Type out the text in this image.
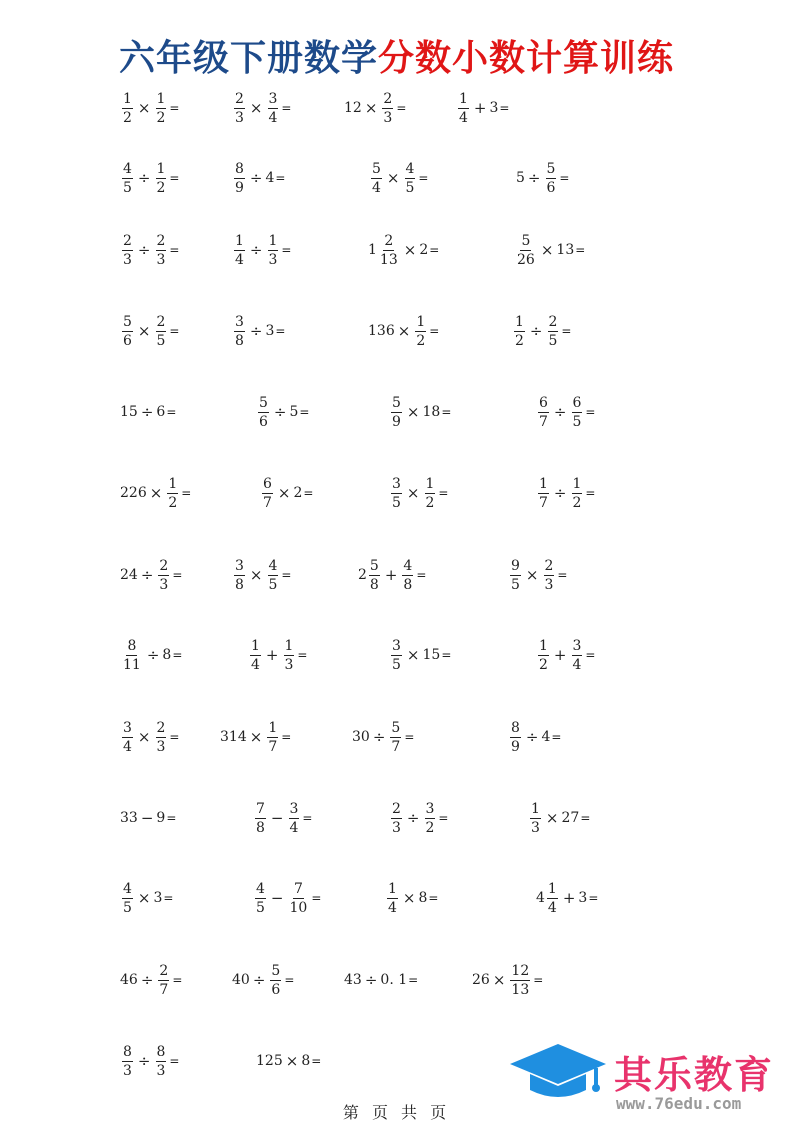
六年级下册数学分数小数计算训练
$\frac{1}{2} \times \frac{1}{2}$ =	$\frac{2}{3} \times \frac{3}{4}$ =	$12 \times \frac{2}{3}$ =	$\frac{1}{4} + 3$ =
$\frac{4}{5} \div \frac{1}{2}$ =	$\frac{8}{9} \div 4$ =	$\frac{5}{4} \times \frac{4}{5}$ =	$5 \div \frac{5}{6}$ =
$\frac{2}{3} \div \frac{2}{3}$ =	$\frac{1}{4} \div \frac{1}{3}$ =	$1 \frac{2}{13} \times 2$ =	$\frac{5}{26} \times 13$ =
$\frac{5}{6} \times \frac{2}{5}$ =	$\frac{3}{8} \div 3$ =	$136 \times \frac{1}{2}$ =	$\frac{1}{2} \div \frac{2}{5}$ =
15 ÷ 6 =	$\frac{5}{6} \div 5$ =	$\frac{5}{9} \times 18$ =	$\frac{6}{7} \div \frac{6}{5}$ =
$226 \times \frac{1}{2}$ =	$\frac{6}{7} \times 2$ =	$\frac{3}{5} \times \frac{1}{2}$ =	$\frac{1}{7} \div \frac{1}{2}$ =
$24 \div \frac{2}{3}$ =	$\frac{3}{8} \times \frac{4}{5}$ =	$2 \frac{5}{8} + \frac{4}{8}$ =	$\frac{9}{5} \times \frac{2}{3}$ =
$\frac{8}{11} \div 8$ =	$\frac{1}{4} + \frac{1}{3}$ =	$\frac{3}{5} \times 15$ =	$\frac{1}{2} + \frac{3}{4}$ =
$\frac{3}{4} \times \frac{2}{3}$ =	$314 \times \frac{1}{7}$ =	$30 \div \frac{5}{7}$ =	$\frac{8}{9} \div 4$ =
33 − 9 =	$\frac{7}{8} - \frac{3}{4}$ =	$\frac{2}{3} \div \frac{3}{2}$ =	$\frac{1}{3} \times 27$ =
$\frac{4}{5} \times 3$ =	$\frac{4}{5} - \frac{7}{10}$ =	$\frac{1}{4} \times 8$ =	$4 \frac{1}{4} + 3$ =
$46 \div \frac{2}{7}$ =	$40 \div \frac{5}{6}$ =	43 ÷ 0. 1 =	$26 \times \frac{12}{13}$ =
$\frac{8}{3} \div \frac{8}{3}$ =	125 × 8 =
第 页 共 页
其乐教育
www.76edu.com
